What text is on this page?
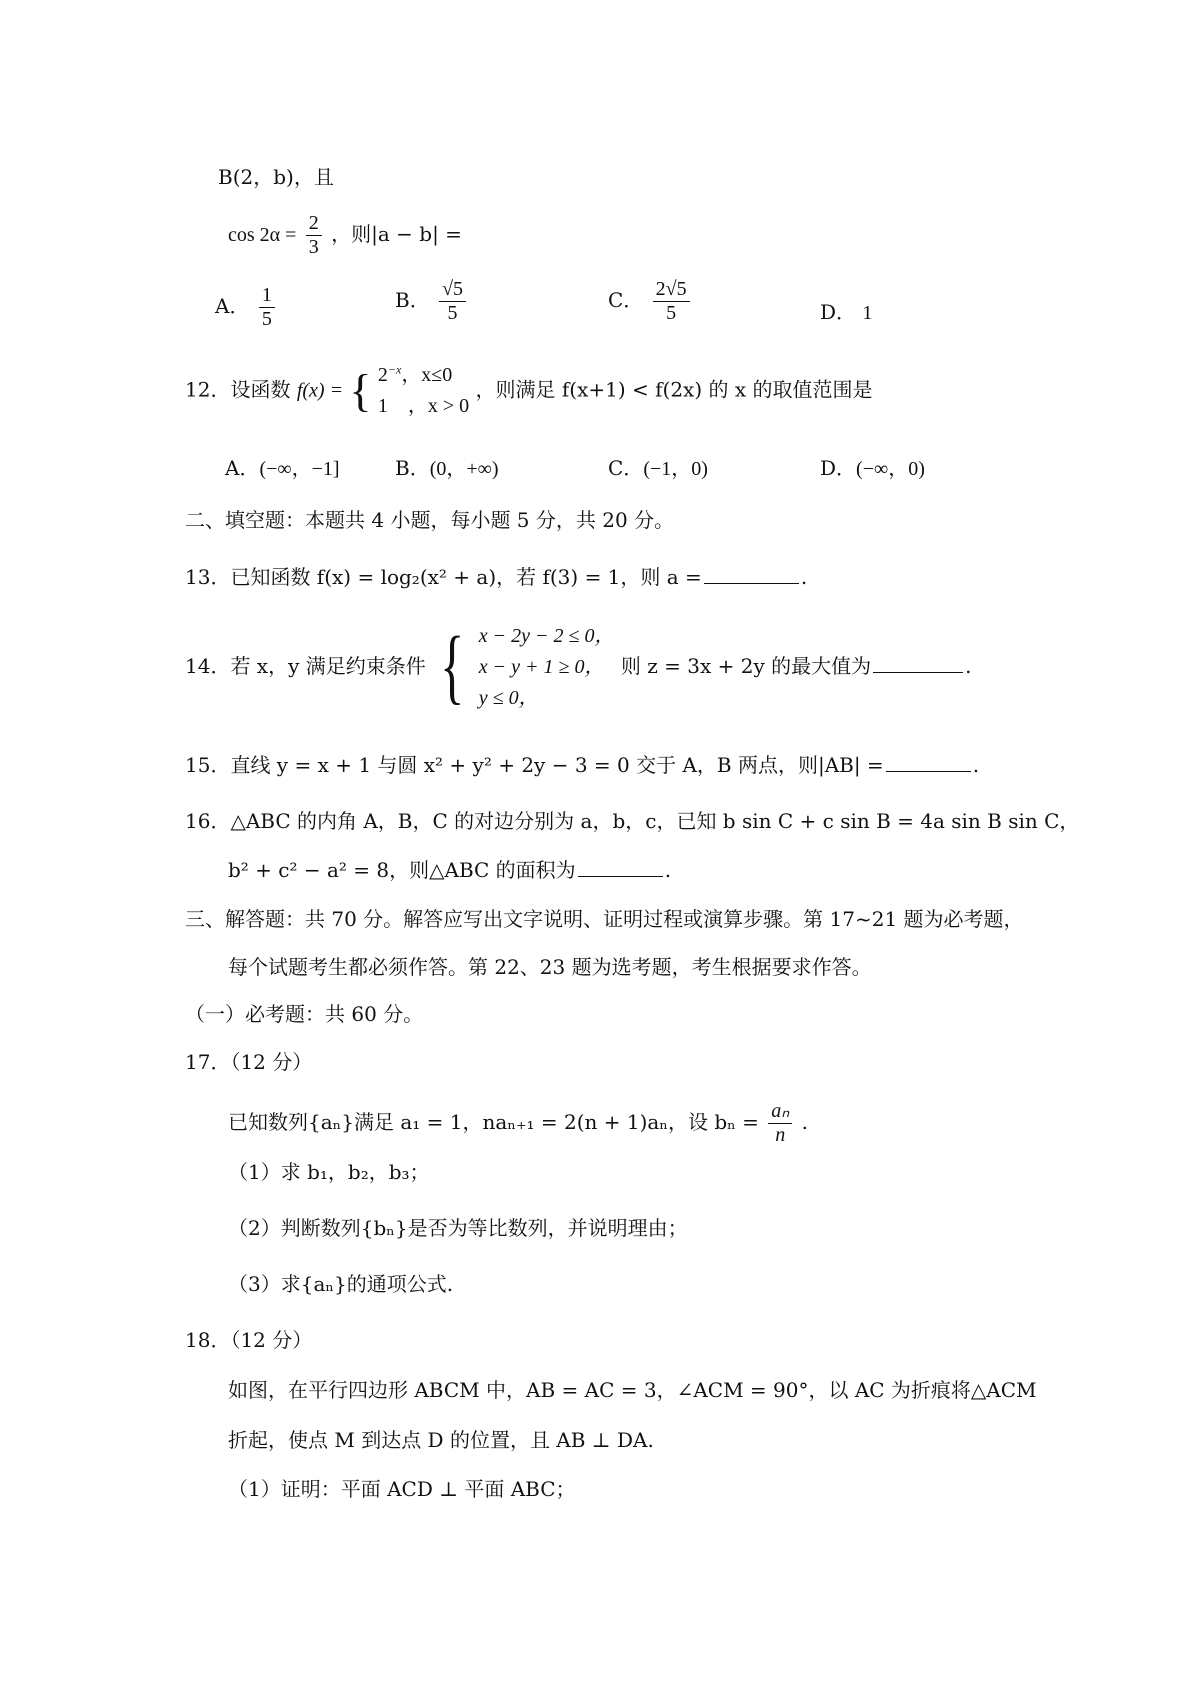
B(2，b)，且
$\cos 2\alpha = \frac{2}{3}$ ，则|a − b| =
A． $\frac{1}{5}$	B． $\frac{√5}{5}$	C． $\frac{2√5}{5}$	D． 1
12．设函数 f(x) = { $2^{-x}$，x≤0
1　，x > 0
，则满足 f(x+1) < f(2x) 的 x 的取值范围是
A．(−∞，−1]	B．(0，+∞)	C．(−1，0)	D．(−∞，0)
二、填空题：本题共 4 小题，每小题 5 分，共 20 分。
13．已知函数 f(x) = log₂(x² + a)，若 f(3) = 1，则 a =	.
14．若 x，y 满足约束条件 { x − 2y − 2 ≤ 0，
x − y + 1 ≥ 0，
y ≤ 0，
则 z = 3x + 2y 的最大值为	.
15．直线 y = x + 1 与圆 x² + y² + 2y − 3 = 0 交于 A，B 两点，则|AB| =	.
16．△ABC 的内角 A，B，C 的对边分别为 a，b，c，已知 b sin C + c sin B = 4a sin B sin C，
b² + c² − a² = 8，则△ABC 的面积为	.
三、解答题：共 70 分。解答应写出文字说明、证明过程或演算步骤。第 17~21 题为必考题，
每个试题考生都必须作答。第 22、23 题为选考题，考生根据要求作答。
（一）必考题：共 60 分。
17．（12 分）
已知数列{aₙ}满足 a₁ = 1，naₙ₊₁ = 2(n + 1)aₙ，设 $b_n = \frac{\text{aₙ}}{n}$ .
（1）求 b₁，b₂，b₃；
（2）判断数列{bₙ}是否为等比数列，并说明理由；
（3）求{aₙ}的通项公式.
18．（12 分）
如图，在平行四边形 ABCM 中，AB = AC = 3，∠ACM = 90°，以 AC 为折痕将△ACM
折起，使点 M 到达点 D 的位置，且 AB ⊥ DA.
（1）证明：平面 ACD ⊥ 平面 ABC；
